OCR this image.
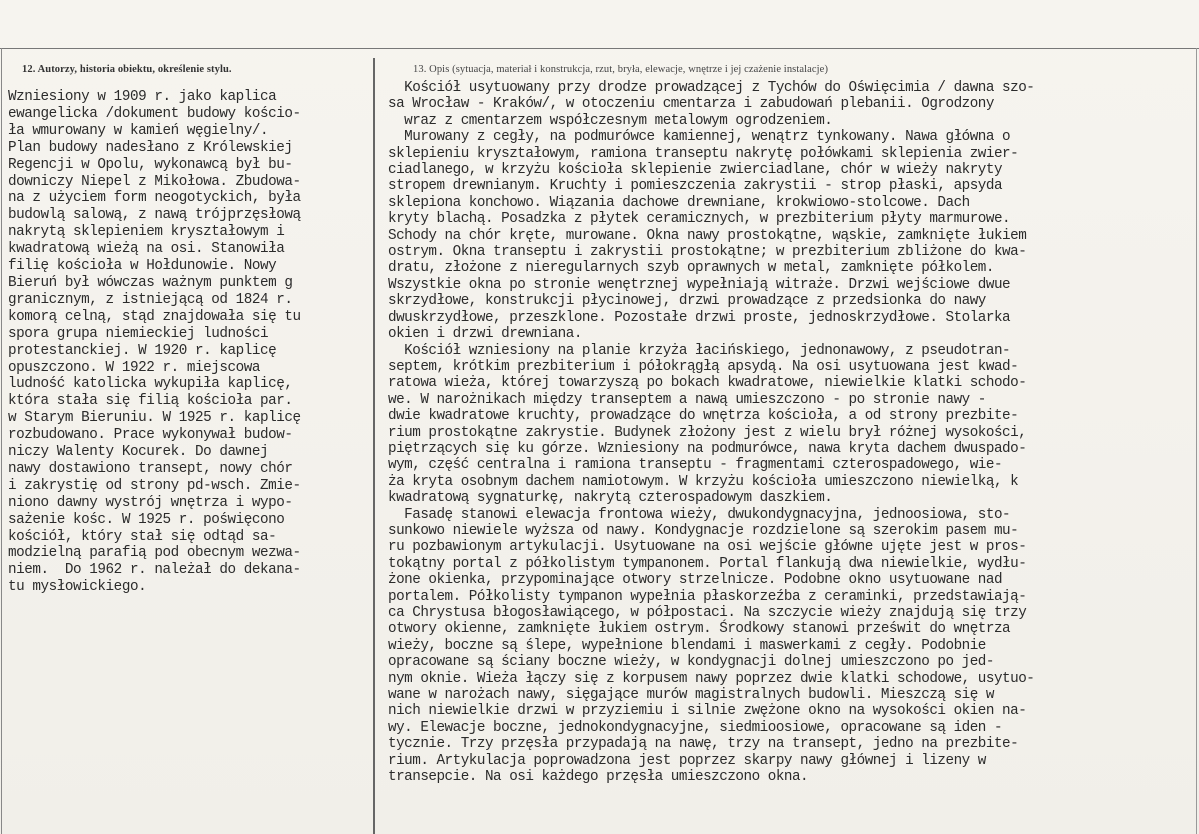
12. Autorzy, historia obiektu, określenie stylu.	13. Opis (sytuacja, materiał i konstrukcja, rzut, bryła, elewacje, wnętrze i jej czażenie instalacje)
Wzniesiony w 1909 r. jako kaplica
ewangelicka /dokument budowy kościo-
ła wmurowany w kamień węgielny/.
Plan budowy nadesłano z Królewskiej
Regencji w Opolu, wykonawcą był bu-
downiczy Niepel z Mikołowa. Zbudowa-
na z użyciem form neogotyckich, była
budowlą salową, z nawą trójprzęsłową
nakrytą sklepieniem kryształowym i
kwadratową wieżą na osi. Stanowiła
filię kościoła w Hołdunowie. Nowy
Bieruń był wówczas ważnym punktem g
granicznym, z istniejącą od 1824 r.
komorą celną, stąd znajdowała się tu
spora grupa niemieckiej ludności
protestanckiej. W 1920 r. kaplicę
opuszczono. W 1922 r. miejscowa
ludność katolicka wykupiła kaplicę,
która stała się filią kościoła par.
w Starym Bieruniu. W 1925 r. kaplicę
rozbudowano. Prace wykonywał budow-
niczy Walenty Kocurek. Do dawnej
nawy dostawiono transept, nowy chór
i zakrystię od strony pd-wsch. Zmie-
niono dawny wystrój wnętrza i wypo-
sażenie kośc. W 1925 r. poświęcono
kościół, który stał się odtąd sa-
modzielną parafią pod obecnym wezwa-
niem.  Do 1962 r. należał do dekana-
tu mysłowickiego.
Kościół usytuowany przy drodze prowadzącej z Tychów do Oświęcimia / dawna szo-
sa Wrocław - Kraków/, w otoczeniu cmentarza i zabudowań plebanii. Ogrodzony
wraz z cmentarzem współczesnym metalowym ogrodzeniem.
Murowany z cegły, na podmurówce kamiennej, wenątrz tynkowany. Nawa główna o
sklepieniu kryształowym, ramiona transeptu nakrytę połówkami sklepienia zwier-
ciadlanego, w krzyżu kościoła sklepienie zwierciadlane, chór w wieży nakryty
stropem drewnianym. Kruchty i pomieszczenia zakrystii - strop płaski, apsyda
sklepiona konchowo. Wiązania dachowe drewniane, krokwiowo-stolcowe. Dach
kryty blachą. Posadzka z płytek ceramicznych, w prezbiterium płyty marmurowe.
Schody na chór kręte, murowane. Okna nawy prostokątne, wąskie, zamknięte łukiem
ostrym. Okna transeptu i zakrystii prostokątne; w prezbiterium zbliżone do kwa-
dratu, złożone z nieregularnych szyb oprawnych w metal, zamknięte półkolem.
Wszystkie okna po stronie wenętrznej wypełniają witraże. Drzwi wejściowe dwue
skrzydłowe, konstrukcji płycinowej, drzwi prowadzące z przedsionka do nawy
dwuskrzydłowe, przeszklone. Pozostałe drzwi proste, jednoskrzydłowe. Stolarka
okien i drzwi drewniana.
Kościół wzniesiony na planie krzyża łacińskiego, jednonawowy, z pseudotran-
septem, krótkim prezbiterium i półokrągłą apsydą. Na osi usytuowana jest kwad-
ratowa wieża, której towarzyszą po bokach kwadratowe, niewielkie klatki schodo-
we. W narożnikach między transeptem a nawą umieszczono - po stronie nawy -
dwie kwadratowe kruchty, prowadzące do wnętrza kościoła, a od strony prezbite-
rium prostokątne zakrystie. Budynek złożony jest z wielu brył różnej wysokości,
piętrzących się ku górze. Wzniesiony na podmurówce, nawa kryta dachem dwuspado-
wym, część centralna i ramiona transeptu - fragmentami czterospadowego, wie-
ża kryta osobnym dachem namiotowym. W krzyżu kościoła umieszczono niewielką, k
kwadratową sygnaturkę, nakrytą czterospadowym daszkiem.
Fasadę stanowi elewacja frontowa wieży, dwukondygnacyjna, jednoosiowa, sto-
sunkowo niewiele wyższa od nawy. Kondygnacje rozdzielone są szerokim pasem mu-
ru pozbawionym artykulacji. Usytuowane na osi wejście główne ujęte jest w pros-
tokątny portal z półkolistym tympanonem. Portal flankują dwa niewielkie, wydłu-
żone okienka, przypominające otwory strzelnicze. Podobne okno usytuowane nad
portalem. Półkolisty tympanon wypełnia płaskorzeźba z ceraminki, przedstawiają-
ca Chrystusa błogosławiącego, w półpostaci. Na szczycie wieży znajdują się trzy
otwory okienne, zamknięte łukiem ostrym. Środkowy stanowi prześwit do wnętrza
wieży, boczne są ślepe, wypełnione blendami i maswerkami z cegły. Podobnie
opracowane są ściany boczne wieży, w kondygnacji dolnej umieszczono po jed-
nym oknie. Wieża łączy się z korpusem nawy poprzez dwie klatki schodowe, usytuo-
wane w narożach nawy, sięgające murów magistralnych budowli. Mieszczą się w
nich niewielkie drzwi w przyziemiu i silnie zwężone okno na wysokości okien na-
wy. Elewacje boczne, jednokondygnacyjne, siedmioosiowe, opracowane są iden -
tycznie. Trzy przęsła przypadają na nawę, trzy na transept, jedno na prezbite-
rium. Artykulacja poprowadzona jest poprzez skarpy nawy głównej i lizeny w
transepcie. Na osi każdego przęsła umieszczono okna.
